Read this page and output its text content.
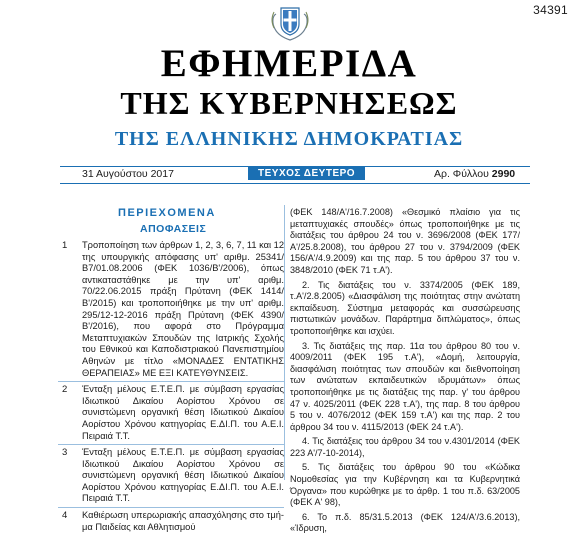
34391
ΕΦΗΜΕΡΙΔΑ
ΤΗΣ ΚΥΒΕΡΝΗΣΕΩΣ
ΤΗΣ ΕΛΛΗΝΙΚΗΣ ΔΗΜΟΚΡΑΤΙΑΣ
31 Αυγούστου 2017	ΤΕΥΧΟΣ ΔΕΥΤΕΡΟ	Αρ. Φύλλου 2990
ΠΕΡΙΕΧΟΜΕΝΑ
ΑΠΟΦΑΣΕΙΣ
1 Τροποποίηση των άρθρων 1, 2, 3, 6, 7, 11 και 12 της υπουργικής απόφασης υπ' αριθμ. 25341/Β7/01.08.2006 (ΦΕΚ 1036/Β'/2006), όπως αντικαταστάθηκε με την υπ' αριθμ. 70/22.06.2015 πράξη Πρύτανη (ΦΕΚ 1414/Β'/2015) και τροποποιήθηκε με την υπ' αριθμ. 295/12-12-2016 πράξη Πρύτανη (ΦΕΚ 4390/Β'/2016), που αφορά στο Πρόγραμμα Μεταπτυχιακών Σπουδών της Ιατρικής Σχολής του Εθνικού και Καποδιστριακού Πανεπιστημίου Αθηνών με τίτλο «ΜΟΝΑΔΕΣ ΕΝΤΑΤΙΚΗΣ ΘΕΡΑΠΕΙΑΣ» ΜΕ ΕΞΙ ΚΑΤΕΥΘΥΝΣΕΙΣ.
2 Ένταξη μέλους Ε.Τ.Ε.Π. με σύμβαση εργασίας Ιδιωτικού Δικαίου Αορίστου Χρόνου σε συνιστώμενη οργανική θέση Ιδιωτικού Δικαίου Αορίστου Χρόνου κατηγορίας Ε.ΔΙ.Π. του Α.Ε.Ι. Πειραιά Τ.Τ.
3 Ένταξη μέλους Ε.Τ.Ε.Π. με σύμβαση εργασίας Ιδιωτικού Δικαίου Αορίστου Χρόνου σε συνιστώμενη οργανική θέση Ιδιωτικού Δικαίου Αορίστου Χρόνου κατηγορίας Ε.ΔΙ.Π. του Α.Ε.Ι. Πειραιά Τ.Τ.
4 Καθιέρωση υπερωριακής απασχόλησης στο τμήμα Παιδείας και Αθλητισμού

(ΦΕΚ 148/Α'/16.7.2008) «Θεσμικό πλαίσιο για τις μεταπτυχιακές σπουδές» όπως τροποποιήθηκε με τις διατάξεις του άρθρου 24 του ν. 3696/2008 (ΦΕΚ 177/Α'/25.8.2008), του άρθρου 27 του ν. 3794/2009 (ΦΕΚ 156/Α'/4.9.2009) και της παρ. 5 του άρθρου 37 του ν. 3848/2010 (ΦΕΚ 71 τ.Α').

2. Τις διατάξεις του ν. 3374/2005 (ΦΕΚ 189, τ.Α'/2.8.2005) «Διασφάλιση της ποιότητας στην ανώτατη εκπαίδευση. Σύστημα μεταφοράς και συσσώρευσης πιστωτικών μονάδων. Παράρτημα διπλώματος», όπως τροποποιήθηκε και ισχύει.

3. Τις διατάξεις της παρ. 11α του άρθρου 80 του ν. 4009/2011 (ΦΕΚ 195 τ.Α'), «Δομή, λειτουργία, διασφάλιση ποιότητας των σπουδών και διεθνοποίηση των ανώτατων εκπαιδευτικών ιδρυμάτων» όπως τροποποιήθηκε με τις διατάξεις της παρ. γ' του άρθρου 47 ν. 4025/2011 (ΦΕΚ 228 τ.Α'), της παρ. 8 του άρθρου 5 του ν. 4076/2012 (ΦΕΚ 159 τ.Α') και της παρ. 2 του άρθρου 34 του ν. 4115/2013 (ΦΕΚ 24 τ.Α').

4. Τις διατάξεις του άρθρου 34 του ν.4301/2014 (ΦΕΚ 223 Α'/7-10-2014),

5. Τις διατάξεις του άρθρου 90 του «Κώδικα Νομοθεσίας για την Κυβέρνηση και τα Κυβερνητικά Όργανα» που κυρώθηκε με το άρθρ. 1 του π.δ. 63/2005 (ΦΕΚ Α' 98),

6. Το π.δ. 85/31.5.2013 (ΦΕΚ 124/Α'/3.6.2013), «Ίδρυση,
